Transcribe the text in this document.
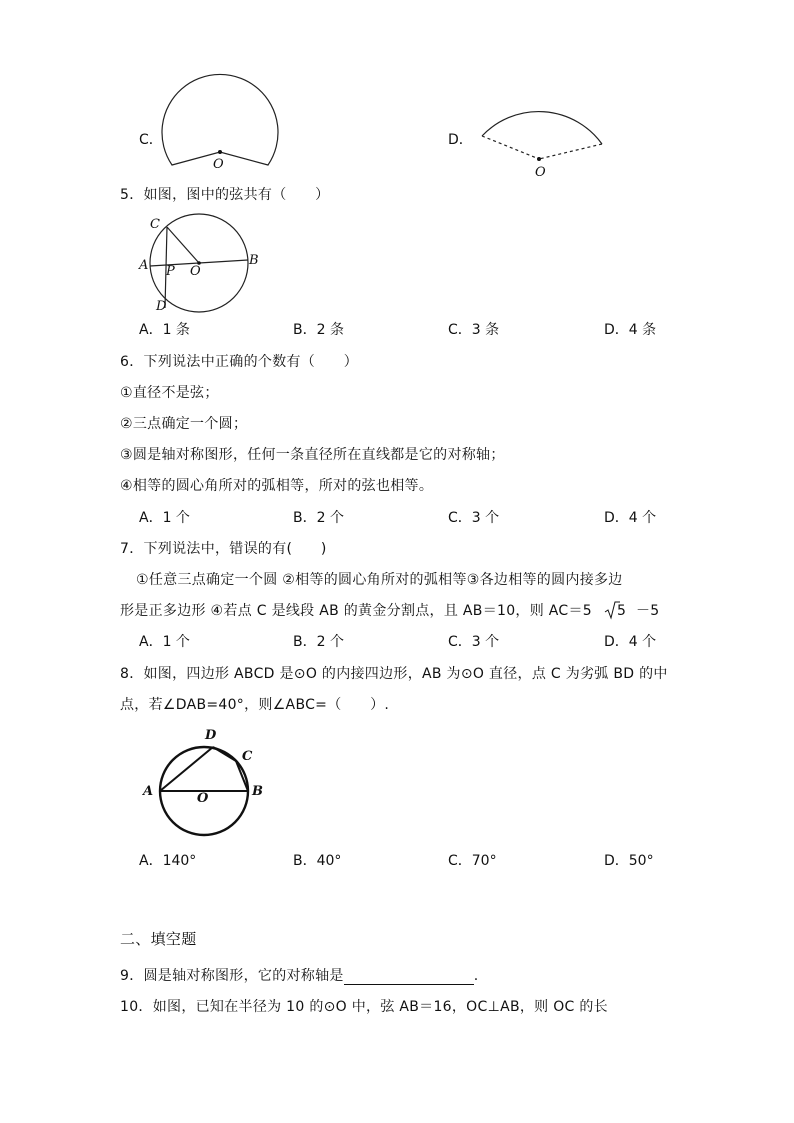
C．
O
D．
O
5．如图，图中的弦共有（　　）
C
A P O
B
D
A．1 条	B．2 条	C．3 条	D．4 条
6．下列说法中正确的个数有（　　）
①直径不是弦；
②三点确定一个圆；
③圆是轴对称图形，任何一条直径所在直线都是它的对称轴；
④相等的圆心角所对的弧相等，所对的弦也相等。
A．1 个	B．2 个	C．3 个	D．4 个
7．下列说法中，错误的有(　　)
①任意三点确定一个圆 ②相等的圆心角所对的弧相等③各边相等的圆内接多边
形是正多边形 ④若点 C 是线段 AB 的黄金分割点，且 AB＝10，则 AC＝5 5 －5
A．1 个	B．2 个	C．3 个	D．4 个
8．如图，四边形 ABCD 是⊙O 的内接四边形，AB 为⊙O 直径，点 C 为劣弧 BD 的中
点，若∠DAB=40°，则∠ABC=（　　）.
D
C
A	O	B
A．140°	B．40°	C．70°	D．50°
二、填空题
9．圆是轴对称图形，它的对称轴是	.
10．如图，已知在半径为 10 的⊙O 中，弦 AB＝16，OC⊥AB，则 OC 的长
